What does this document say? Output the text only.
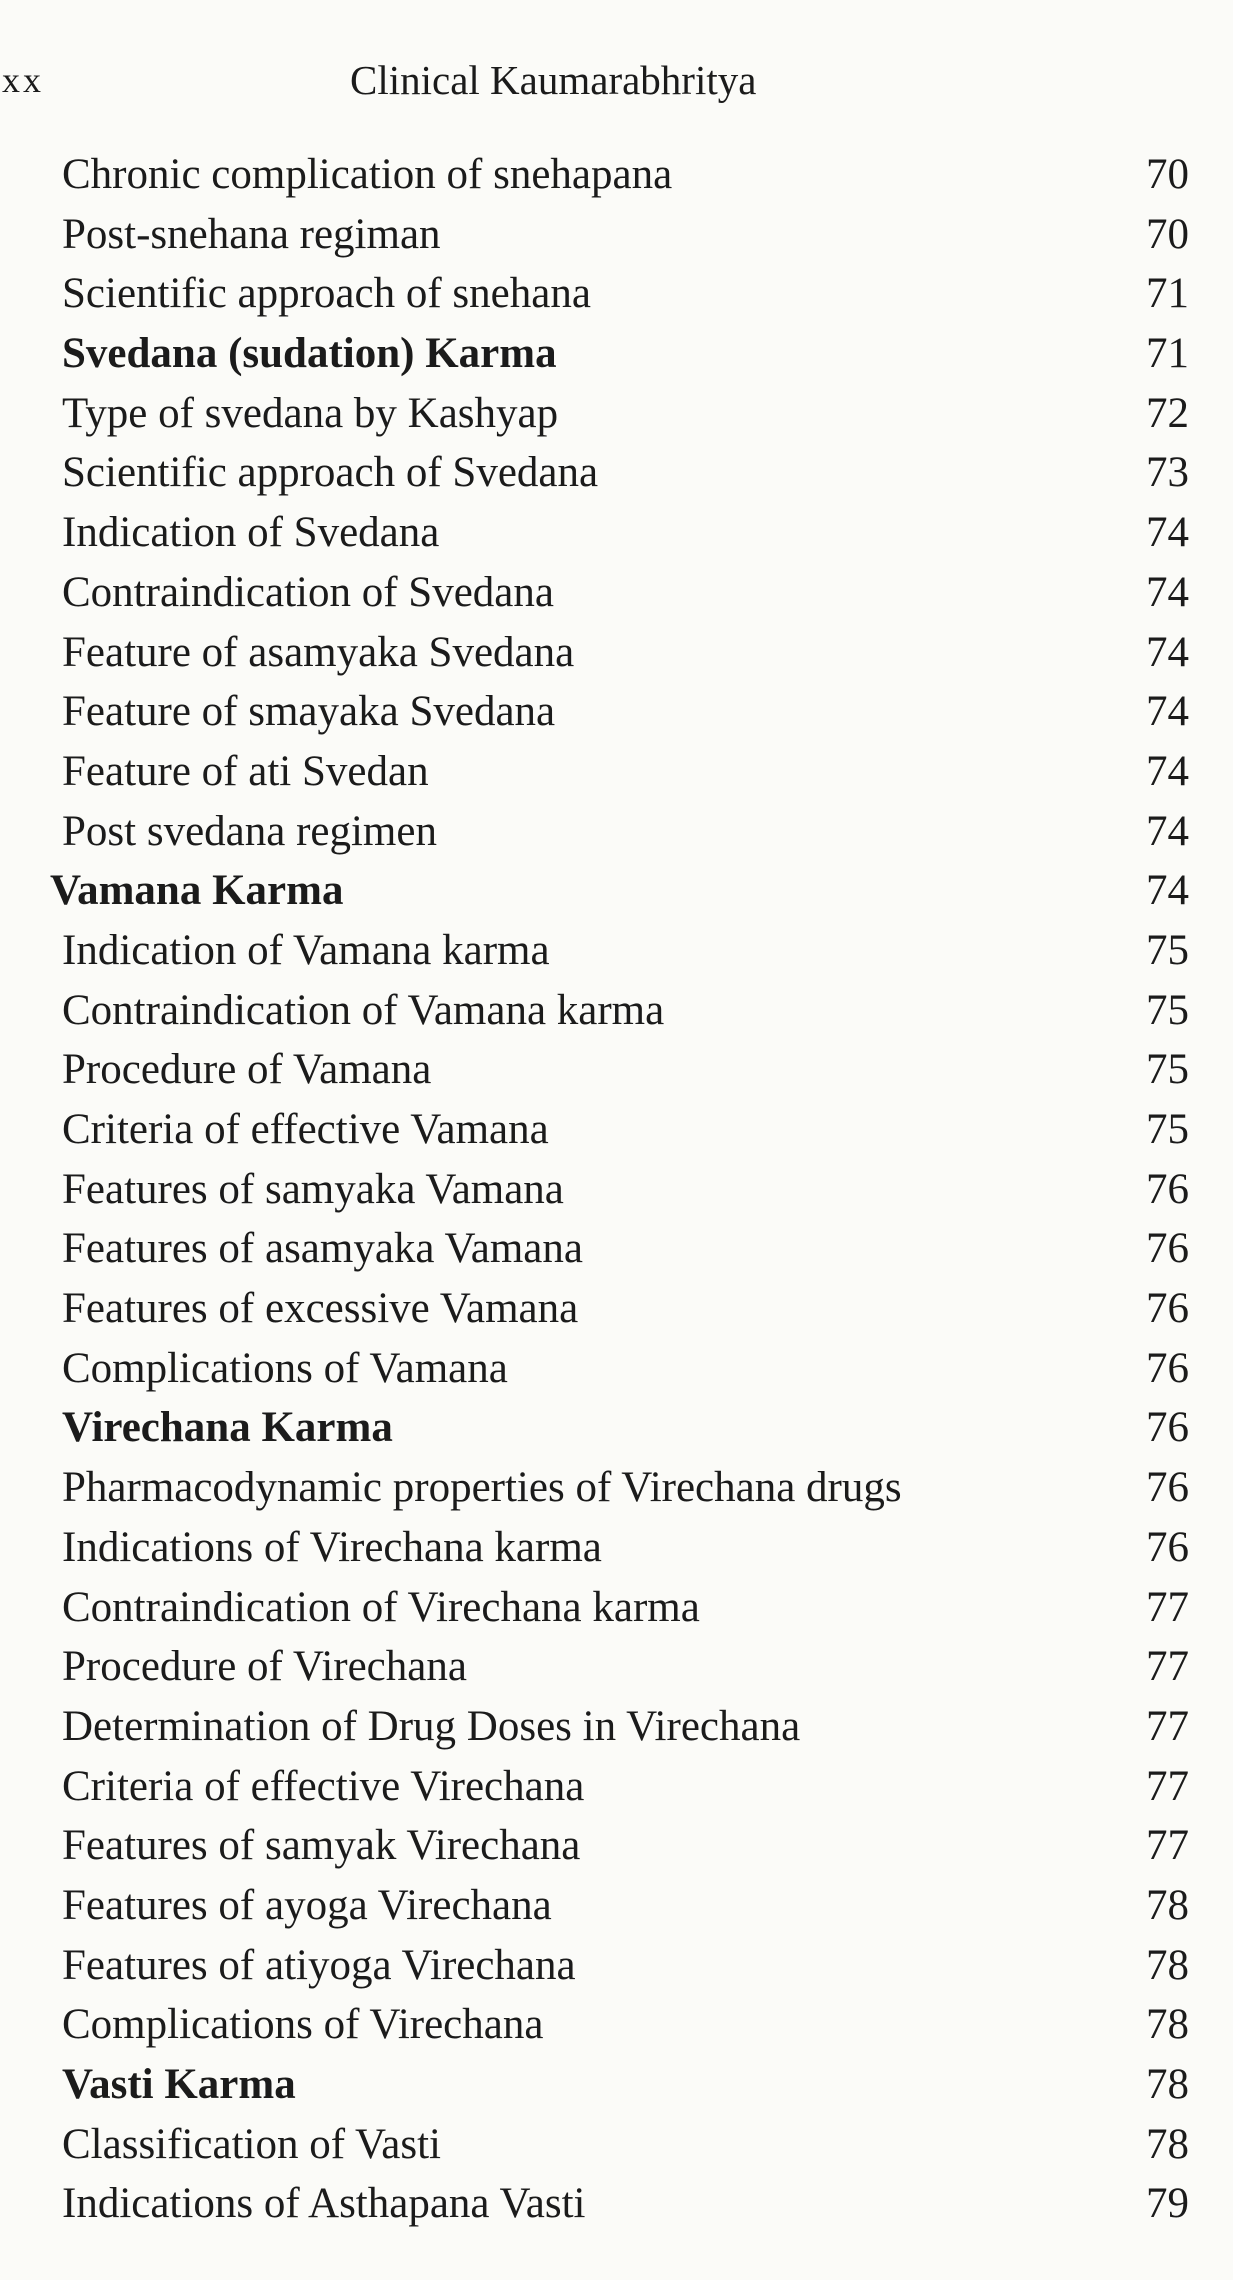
xx	Clinical Kaumarabhritya
Chronic complication of snehapana	70
Post-snehana regiman	70
Scientific approach of snehana	71
Svedana (sudation) Karma	71
Type of svedana by Kashyap	72
Scientific approach of Svedana	73
Indication of Svedana	74
Contraindication of Svedana	74
Feature of asamyaka Svedana	74
Feature of smayaka Svedana	74
Feature of ati Svedan	74
Post svedana regimen	74
Vamana Karma	74
Indication of Vamana karma	75
Contraindication of Vamana karma	75
Procedure of Vamana	75
Criteria of effective Vamana	75
Features of samyaka Vamana	76
Features of asamyaka Vamana	76
Features of excessive Vamana	76
Complications of Vamana	76
Virechana Karma	76
Pharmacodynamic properties of Virechana drugs	76
Indications of Virechana karma	76
Contraindication of Virechana karma	77
Procedure of Virechana	77
Determination of Drug Doses in Virechana	77
Criteria of effective Virechana	77
Features of samyak Virechana	77
Features of ayoga Virechana	78
Features of atiyoga Virechana	78
Complications of Virechana	78
Vasti Karma	78
Classification of Vasti	78
Indications of Asthapana Vasti	79
